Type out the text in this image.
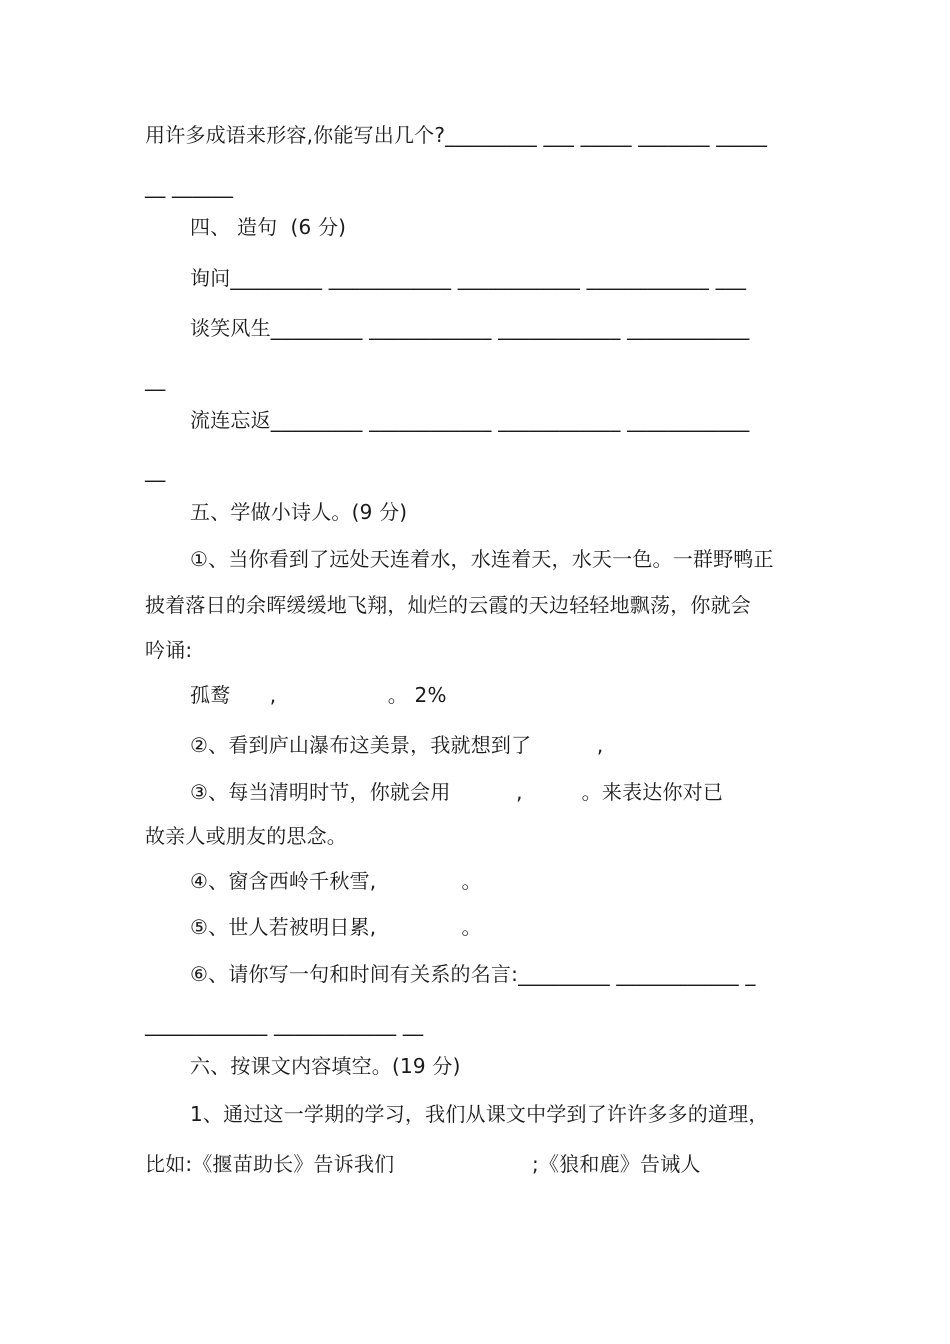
用许多成语来形容,你能写出几个?_________ ___ _____ _______ _____
__ ______
四、 造句  (6 分)
询问_________ ____________ ____________ ____________ ___
谈笑风生_________ ____________ ____________ ____________
__
流连忘返_________ ____________ ____________ ____________
__
五、学做小诗人。(9 分)
①、当你看到了远处天连着水，水连着天，水天一色。一群野鸭正
披着落日的余晖缓缓地飞翔，灿烂的云霞的天边轻轻地飘荡，你就会
吟诵:
孤鹜      ,                 。 2%
②、看到庐山瀑布这美景，我就想到了          ,
③、每当清明时节，你就会用          ,         。来表达你对已
故亲人或朋友的思念。
④、窗含西岭千秋雪,             。
⑤、世人若被明日累,             。
⑥、请你写一句和时间有关系的名言:_________ ____________ _
____________ ____________ __
六、按课文内容填空。(19 分)
1、通过这一学期的学习，我们从课文中学到了许许多多的道理，
比如:《揠苗助长》告诉我们                     ;《狼和鹿》告诫人
